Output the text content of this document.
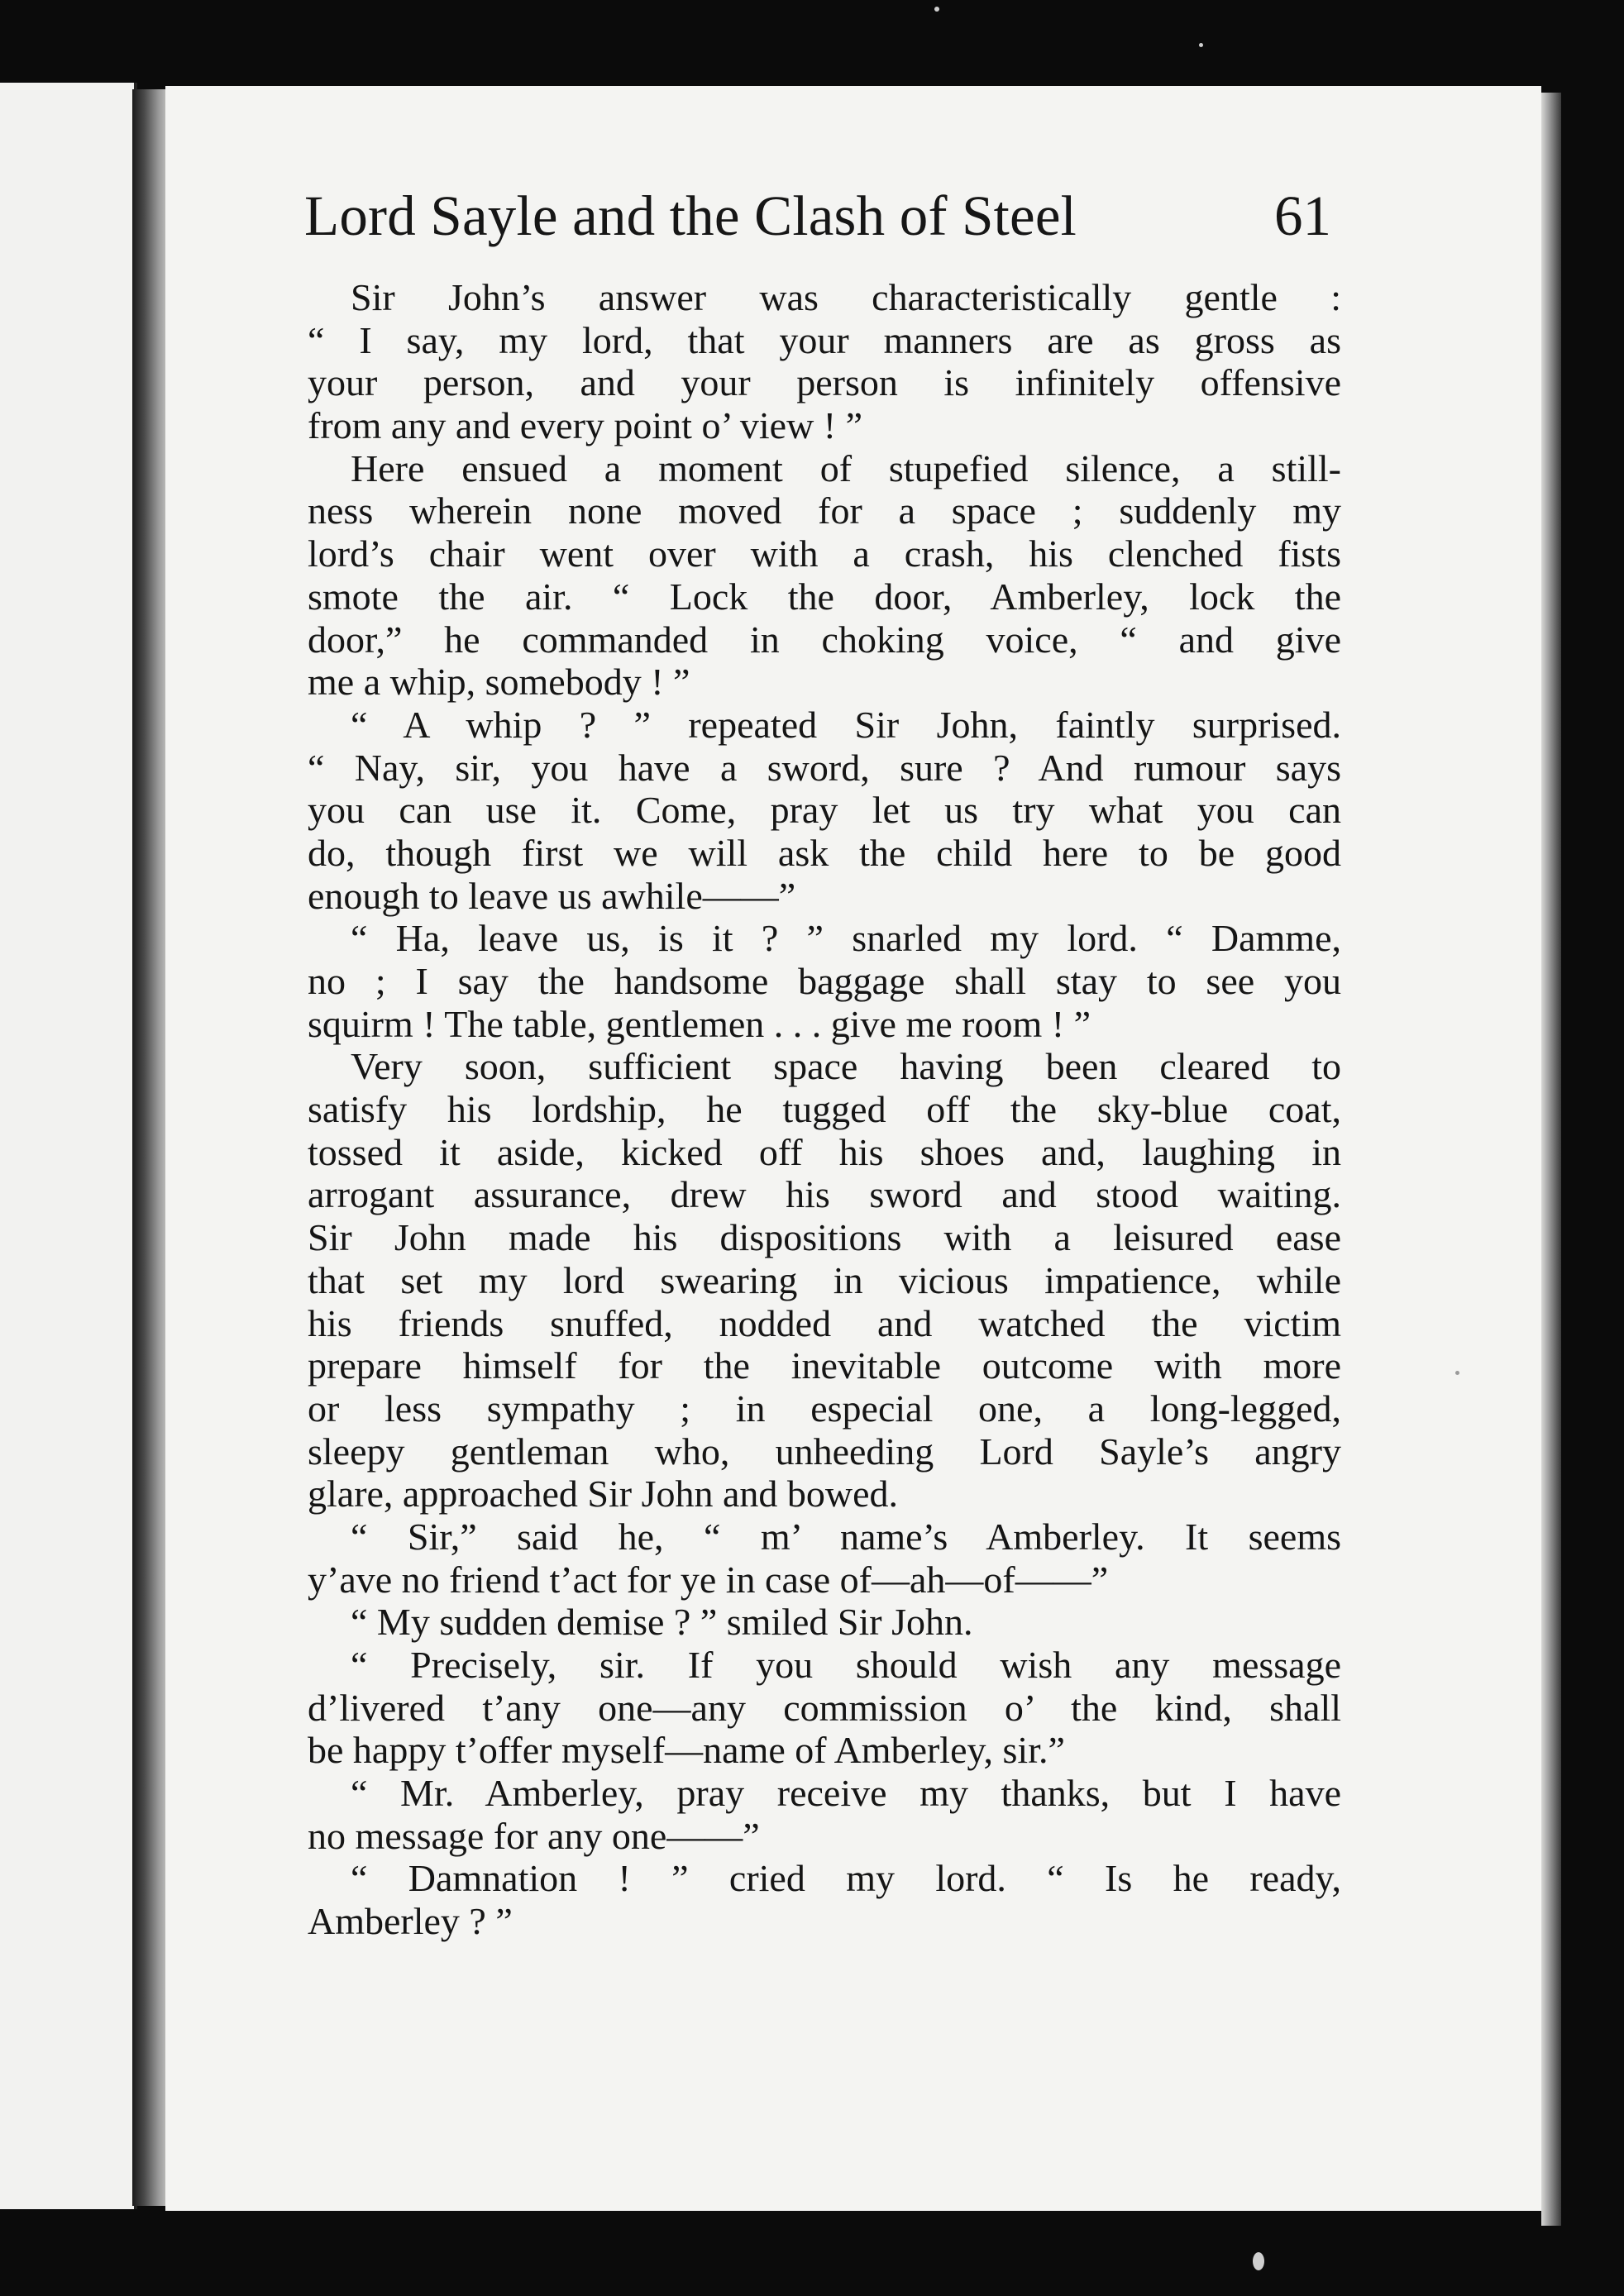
Lord Sayle and the Clash of Steel	61
Sir John’s answer was characteristically gentle :
“ I say, my lord, that your manners are as gross as
your person, and your person is infinitely offensive
from any and every point o’ view ! ”
Here ensued a moment of stupefied silence, a still-
ness wherein none moved for a space ; suddenly my
lord’s chair went over with a crash, his clenched fists
smote the air. “ Lock the door, Amberley, lock the
door,” he commanded in choking voice, “ and give
me a whip, somebody ! ”
“ A whip ? ” repeated Sir John, faintly surprised.
“ Nay, sir, you have a sword, sure ? And rumour says
you can use it. Come, pray let us try what you can
do, though first we will ask the child here to be good
enough to leave us awhile——”
“ Ha, leave us, is it ? ” snarled my lord. “ Damme,
no ; I say the handsome baggage shall stay to see you
squirm ! The table, gentlemen . . . give me room ! ”
Very soon, sufficient space having been cleared to
satisfy his lordship, he tugged off the sky-blue coat,
tossed it aside, kicked off his shoes and, laughing in
arrogant assurance, drew his sword and stood waiting.
Sir John made his dispositions with a leisured ease
that set my lord swearing in vicious impatience, while
his friends snuffed, nodded and watched the victim
prepare himself for the inevitable outcome with more
or less sympathy ; in especial one, a long-legged,
sleepy gentleman who, unheeding Lord Sayle’s angry
glare, approached Sir John and bowed.
“ Sir,” said he, “ m’ name’s Amberley. It seems
y’ave no friend t’act for ye in case of—ah—of——”
“ My sudden demise ? ” smiled Sir John.
“ Precisely, sir. If you should wish any message
d’livered t’any one—any commission o’ the kind, shall
be happy t’offer myself—name of Amberley, sir.”
“ Mr. Amberley, pray receive my thanks, but I have
no message for any one——”
“ Damnation ! ” cried my lord. “ Is he ready,
Amberley ? ”
